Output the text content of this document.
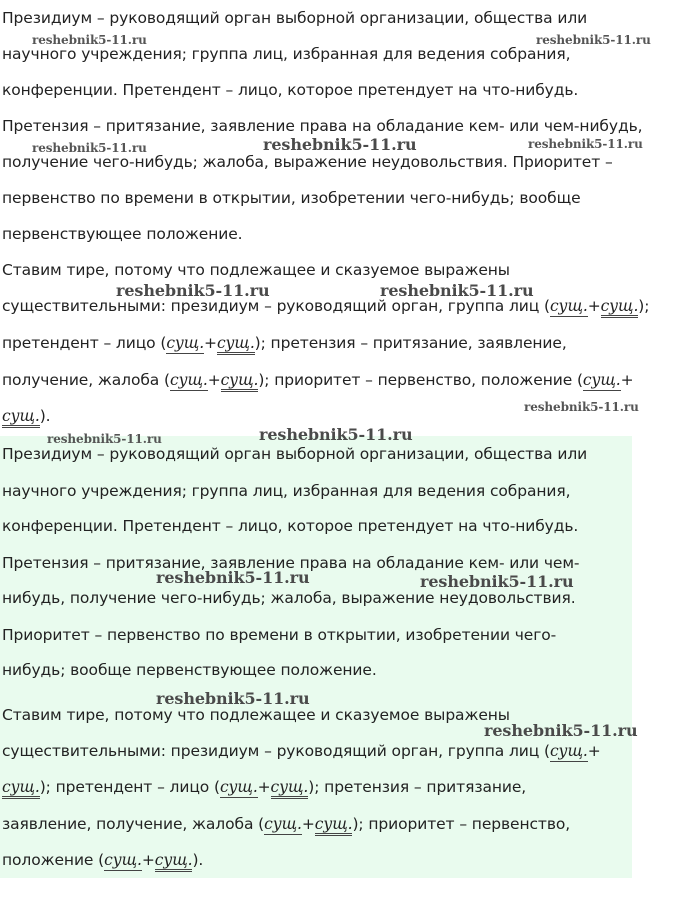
Президиум – руководящий орган выборной организации, общества или
научного учреждения; группа лиц, избранная для ведения собрания,
конференции. Претендент – лицо, которое претендует на что-нибудь.
Претензия – притязание, заявление права на обладание кем- или чем-нибудь,
получение чего-нибудь; жалоба, выражение неудовольствия. Приоритет –
первенство по времени в открытии, изобретении чего-нибудь; вообще
первенствующее положение.
Ставим тире, потому что подлежащее и сказуемое выражены
существительными: президиум – руководящий орган, группа лиц (сущ.+сущ.);
претендент – лицо (сущ.+сущ.); претензия – притязание, заявление,
получение, жалоба (сущ.+сущ.); приоритет – первенство, положение (сущ.+
сущ.).
Президиум – руководящий орган выборной организации, общества или
научного учреждения; группа лиц, избранная для ведения собрания,
конференции. Претендент – лицо, которое претендует на что-нибудь.
Претензия – притязание, заявление права на обладание кем- или чем-
нибудь, получение чего-нибудь; жалоба, выражение неудовольствия.
Приоритет – первенство по времени в открытии, изобретении чего-
нибудь; вообще первенствующее положение.
Ставим тире, потому что подлежащее и сказуемое выражены
существительными: президиум – руководящий орган, группа лиц (сущ.+
сущ.); претендент – лицо (сущ.+сущ.); претензия – притязание,
заявление, получение, жалоба (сущ.+сущ.); приоритет – первенство,
положение (сущ.+сущ.).
reshebnik5-11.ru	reshebnik5-11.ru
reshebnik5-11.ru	reshebnik5-11.ru	reshebnik5-11.ru
reshebnik5-11.ru	reshebnik5-11.ru
reshebnik5-11.ru
reshebnik5-11.ru	reshebnik5-11.ru
reshebnik5-11.ru	reshebnik5-11.ru
reshebnik5-11.ru
reshebnik5-11.ru
